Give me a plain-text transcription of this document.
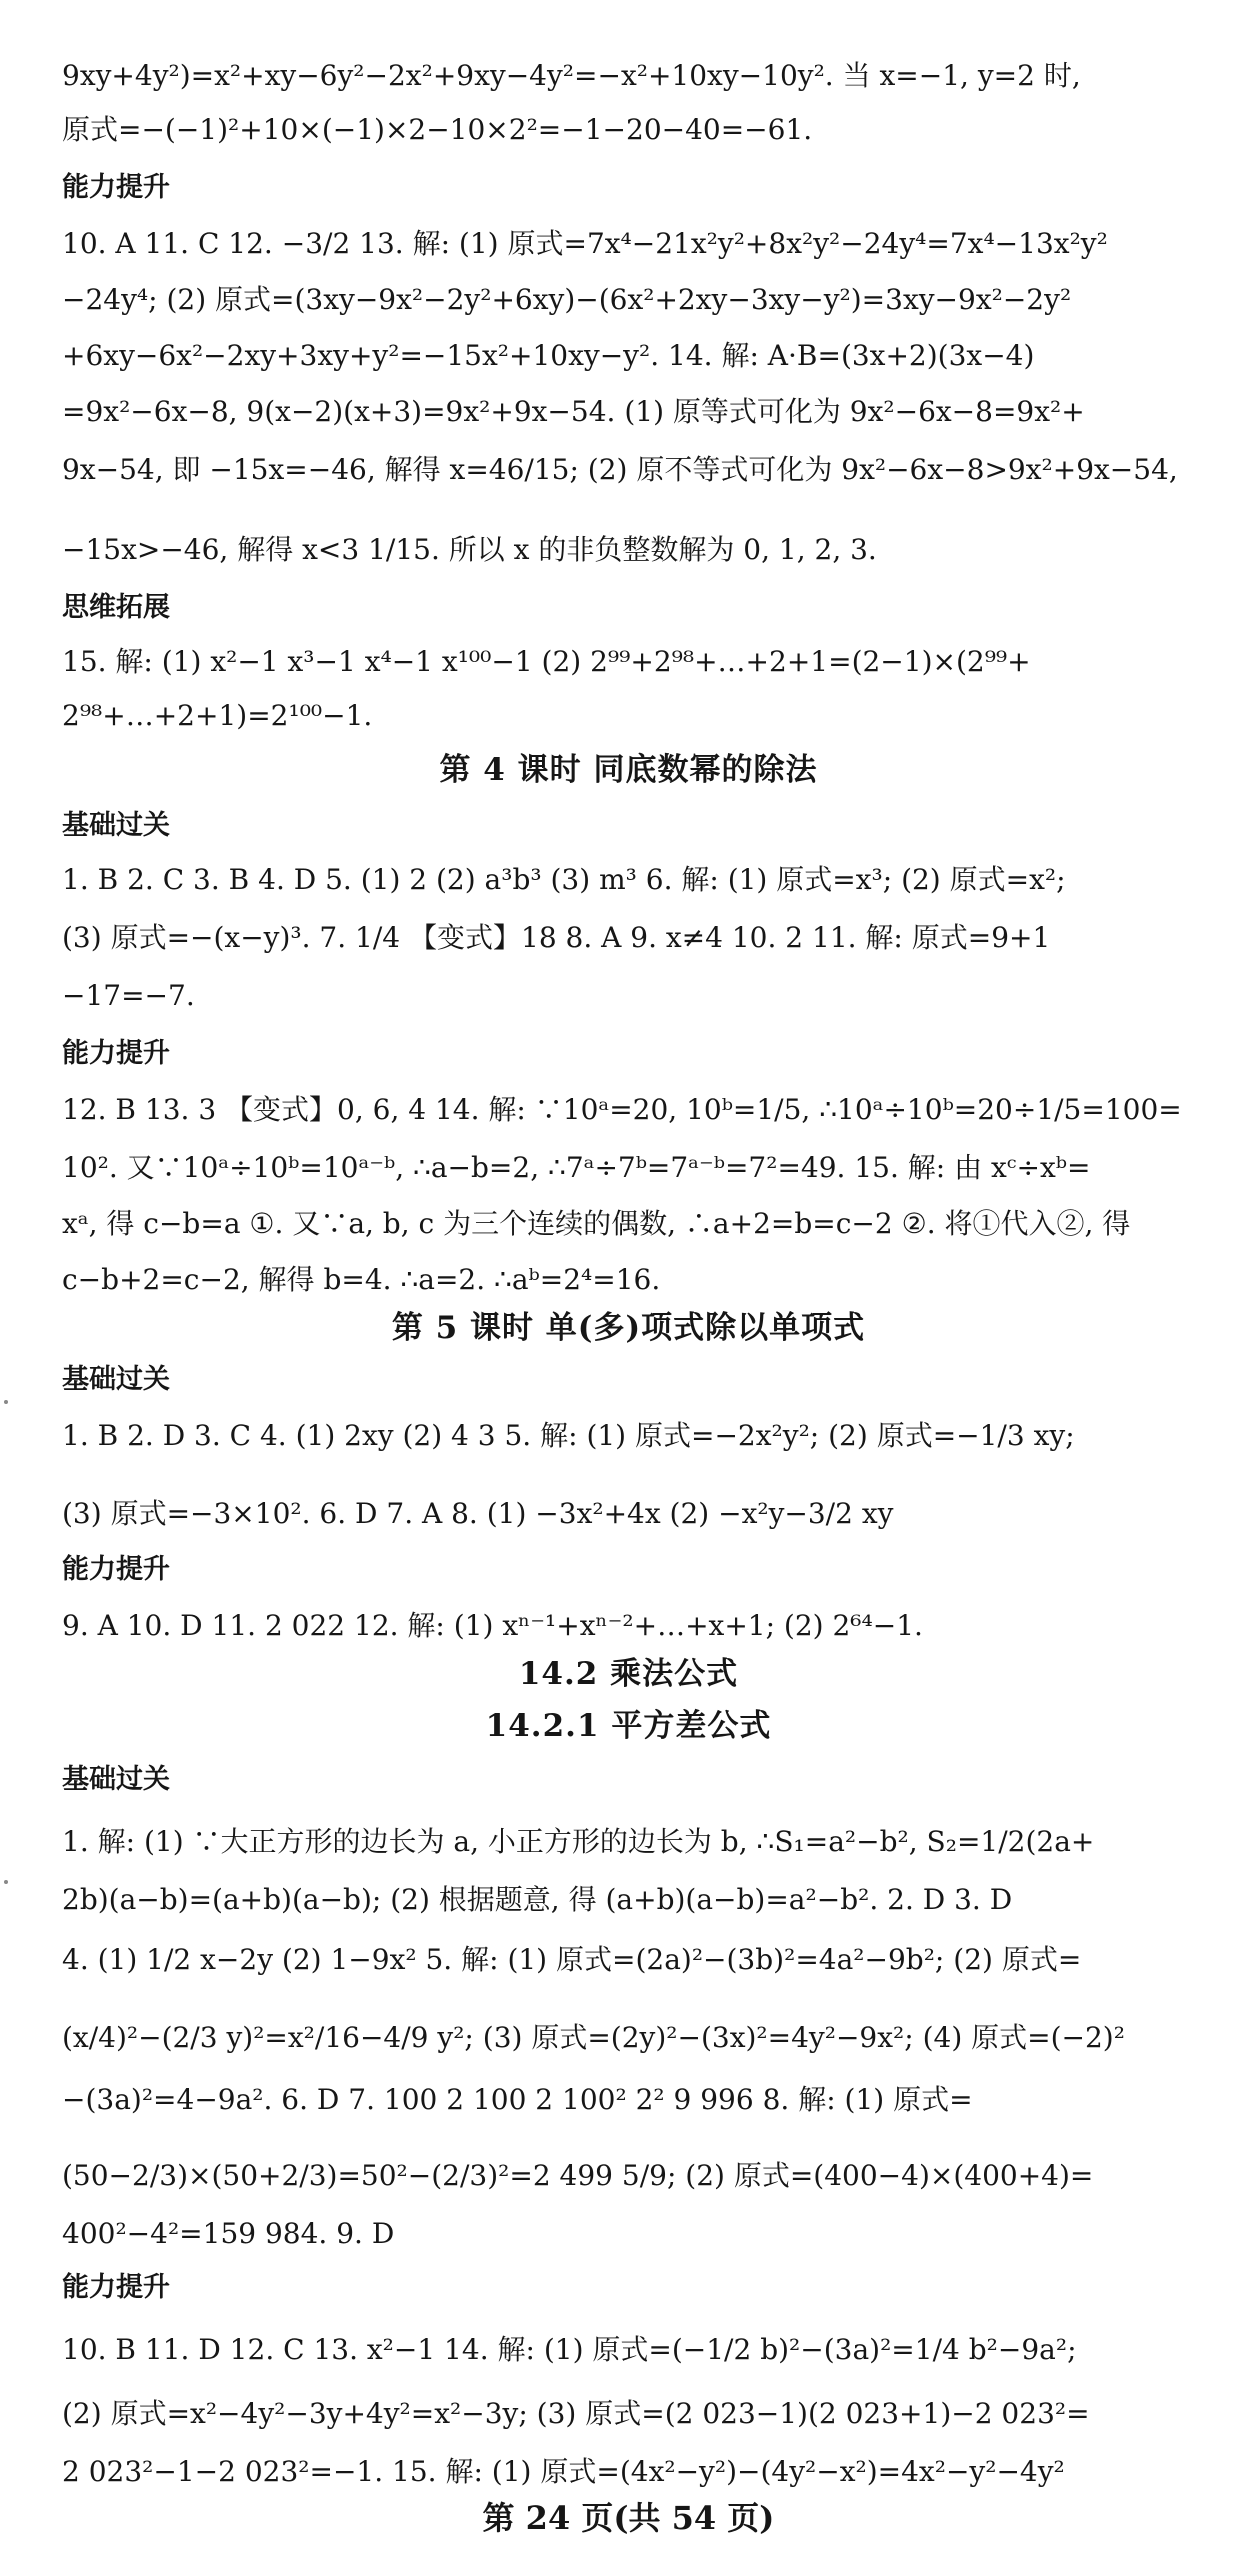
9xy+4y²)=x²+xy−6y²−2x²+9xy−4y²=−x²+10xy−10y². 当 x=−1, y=2 时,
原式=−(−1)²+10×(−1)×2−10×2²=−1−20−40=−61.
能力提升
10. A 11. C 12. −3/2 13. 解: (1) 原式=7x⁴−21x²y²+8x²y²−24y⁴=7x⁴−13x²y²
−24y⁴; (2) 原式=(3xy−9x²−2y²+6xy)−(6x²+2xy−3xy−y²)=3xy−9x²−2y²
+6xy−6x²−2xy+3xy+y²=−15x²+10xy−y². 14. 解: A·B=(3x+2)(3x−4)
=9x²−6x−8, 9(x−2)(x+3)=9x²+9x−54. (1) 原等式可化为 9x²−6x−8=9x²+
9x−54, 即 −15x=−46, 解得 x=46/15; (2) 原不等式可化为 9x²−6x−8>9x²+9x−54,
−15x>−46, 解得 x<3 1/15. 所以 x 的非负整数解为 0, 1, 2, 3.
思维拓展
15. 解: (1) x²−1 x³−1 x⁴−1 x¹⁰⁰−1 (2) 2⁹⁹+2⁹⁸+…+2+1=(2−1)×(2⁹⁹+
2⁹⁸+…+2+1)=2¹⁰⁰−1.
第 4 课时 同底数幂的除法
基础过关
1. B 2. C 3. B 4. D 5. (1) 2 (2) a³b³ (3) m³ 6. 解: (1) 原式=x³; (2) 原式=x²;
(3) 原式=−(x−y)³. 7. 1/4 【变式】18 8. A 9. x≠4 10. 2 11. 解: 原式=9+1
−17=−7.
能力提升
12. B 13. 3 【变式】0, 6, 4 14. 解: ∵10ᵃ=20, 10ᵇ=1/5, ∴10ᵃ÷10ᵇ=20÷1/5=100=
10². 又∵10ᵃ÷10ᵇ=10ᵃ⁻ᵇ, ∴a−b=2, ∴7ᵃ÷7ᵇ=7ᵃ⁻ᵇ=7²=49. 15. 解: 由 xᶜ÷xᵇ=
xᵃ, 得 c−b=a ①. 又∵a, b, c 为三个连续的偶数, ∴a+2=b=c−2 ②. 将①代入②, 得
c−b+2=c−2, 解得 b=4. ∴a=2. ∴aᵇ=2⁴=16.
第 5 课时 单(多)项式除以单项式
基础过关
1. B 2. D 3. C 4. (1) 2xy (2) 4 3 5. 解: (1) 原式=−2x²y²; (2) 原式=−1/3 xy;
(3) 原式=−3×10². 6. D 7. A 8. (1) −3x²+4x (2) −x²y−3/2 xy
能力提升
9. A 10. D 11. 2 022 12. 解: (1) xⁿ⁻¹+xⁿ⁻²+…+x+1; (2) 2⁶⁴−1.
14.2 乘法公式
14.2.1 平方差公式
基础过关
1. 解: (1) ∵大正方形的边长为 a, 小正方形的边长为 b, ∴S₁=a²−b², S₂=1/2(2a+
2b)(a−b)=(a+b)(a−b); (2) 根据题意, 得 (a+b)(a−b)=a²−b². 2. D 3. D
4. (1) 1/2 x−2y (2) 1−9x² 5. 解: (1) 原式=(2a)²−(3b)²=4a²−9b²; (2) 原式=
(x/4)²−(2/3 y)²=x²/16−4/9 y²; (3) 原式=(2y)²−(3x)²=4y²−9x²; (4) 原式=(−2)²
−(3a)²=4−9a². 6. D 7. 100 2 100 2 100² 2² 9 996 8. 解: (1) 原式=
(50−2/3)×(50+2/3)=50²−(2/3)²=2 499 5/9; (2) 原式=(400−4)×(400+4)=
400²−4²=159 984. 9. D
能力提升
10. B 11. D 12. C 13. x²−1 14. 解: (1) 原式=(−1/2 b)²−(3a)²=1/4 b²−9a²;
(2) 原式=x²−4y²−3y+4y²=x²−3y; (3) 原式=(2 023−1)(2 023+1)−2 023²=
2 023²−1−2 023²=−1. 15. 解: (1) 原式=(4x²−y²)−(4y²−x²)=4x²−y²−4y²
第 24 页(共 54 页)
